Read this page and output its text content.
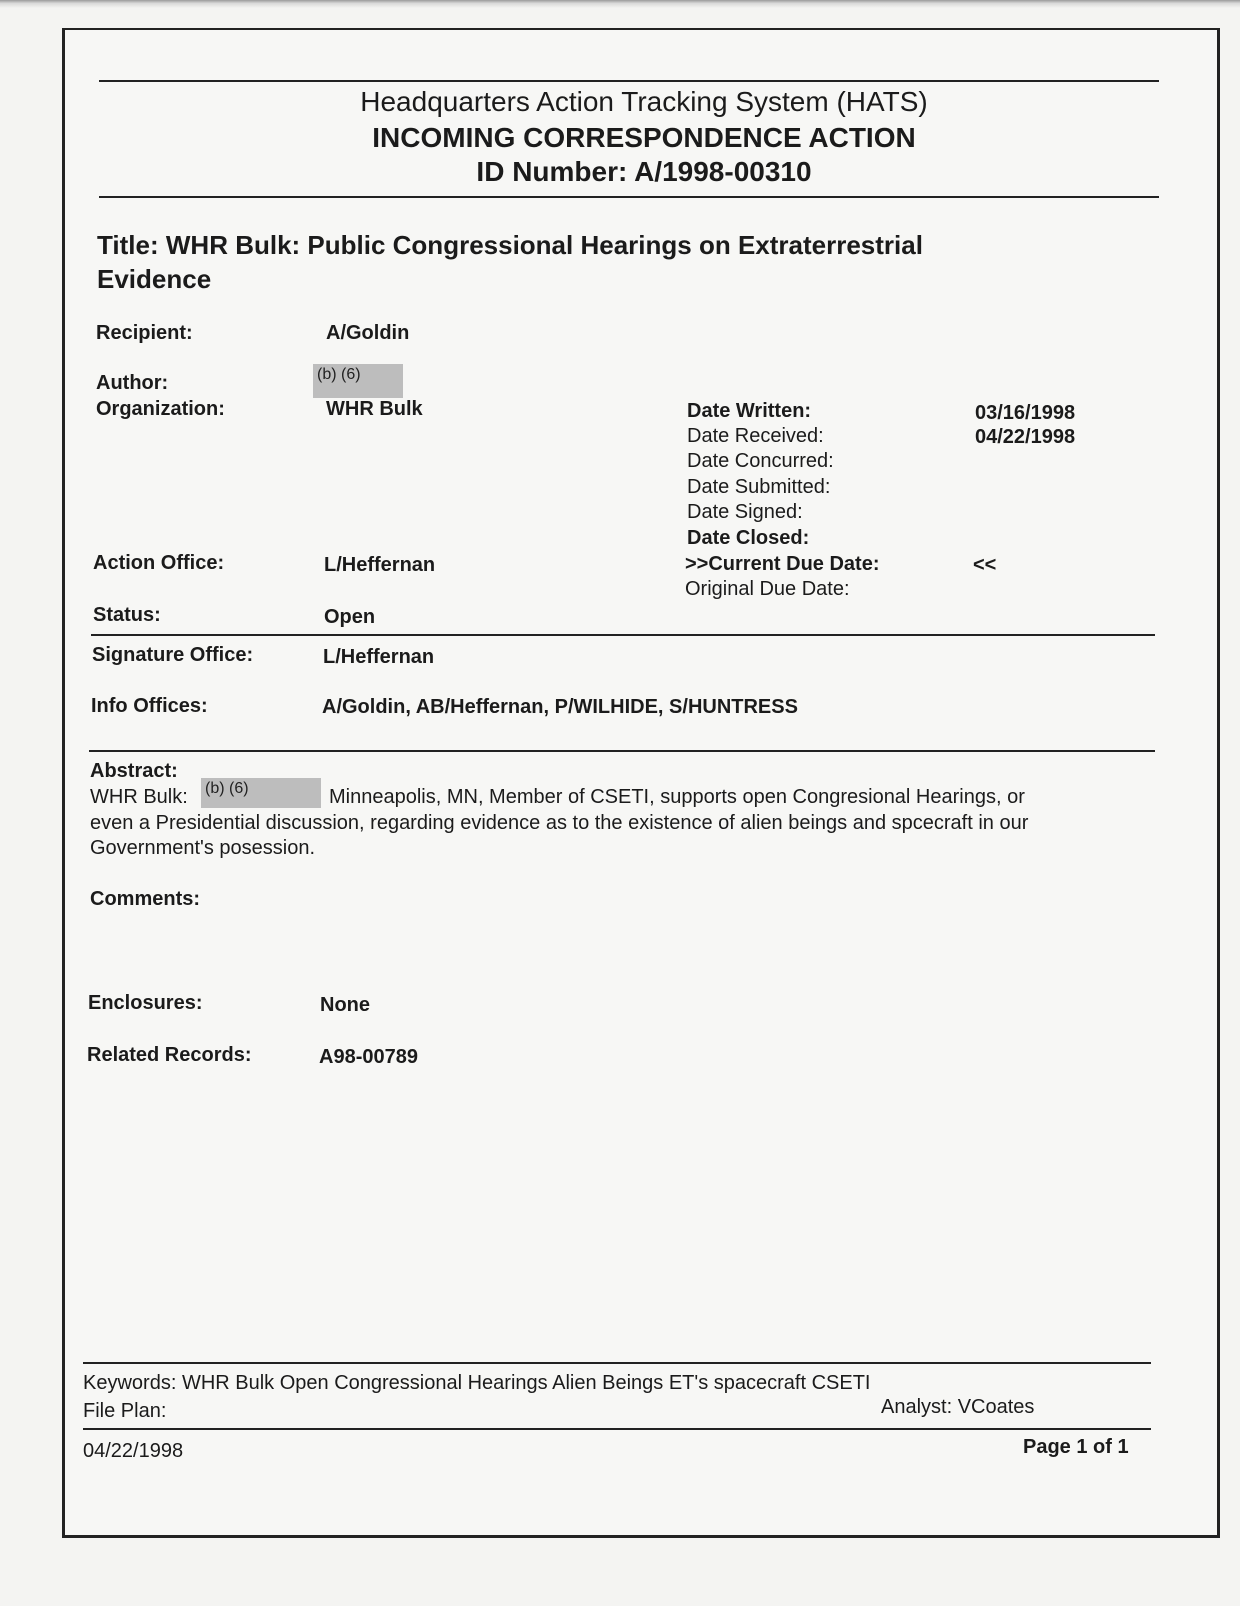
Headquarters Action Tracking System (HATS)
INCOMING CORRESPONDENCE ACTION
ID Number: A/1998-00310
Title: WHR Bulk: Public Congressional Hearings on Extraterrestrial
Evidence
Recipient:	A/Goldin
Author:	(b) (6)
Organization:	WHR Bulk
Action Office:	L/Heffernan
Status:	Open
Date Written:	03/16/1998
Date Received:	04/22/1998
Date Concurred:
Date Submitted:
Date Signed:
Date Closed:
>>Current Due Date:	<<
Original Due Date:
Signature Office:	L/Heffernan
Info Offices:	A/Goldin, AB/Heffernan, P/WILHIDE, S/HUNTRESS
Abstract:
WHR Bulk: (b) (6)	Minneapolis, MN, Member of CSETI, supports open Congresional Hearings, or
even a Presidential discussion, regarding evidence as to the existence of alien beings and spcecraft in our
Government's posession.
Comments:
Enclosures:	None
Related Records:	A98-00789
Keywords: WHR Bulk Open Congressional Hearings Alien Beings ET's spacecraft CSETI
File Plan:	Analyst: VCoates
04/22/1998	Page 1 of 1
